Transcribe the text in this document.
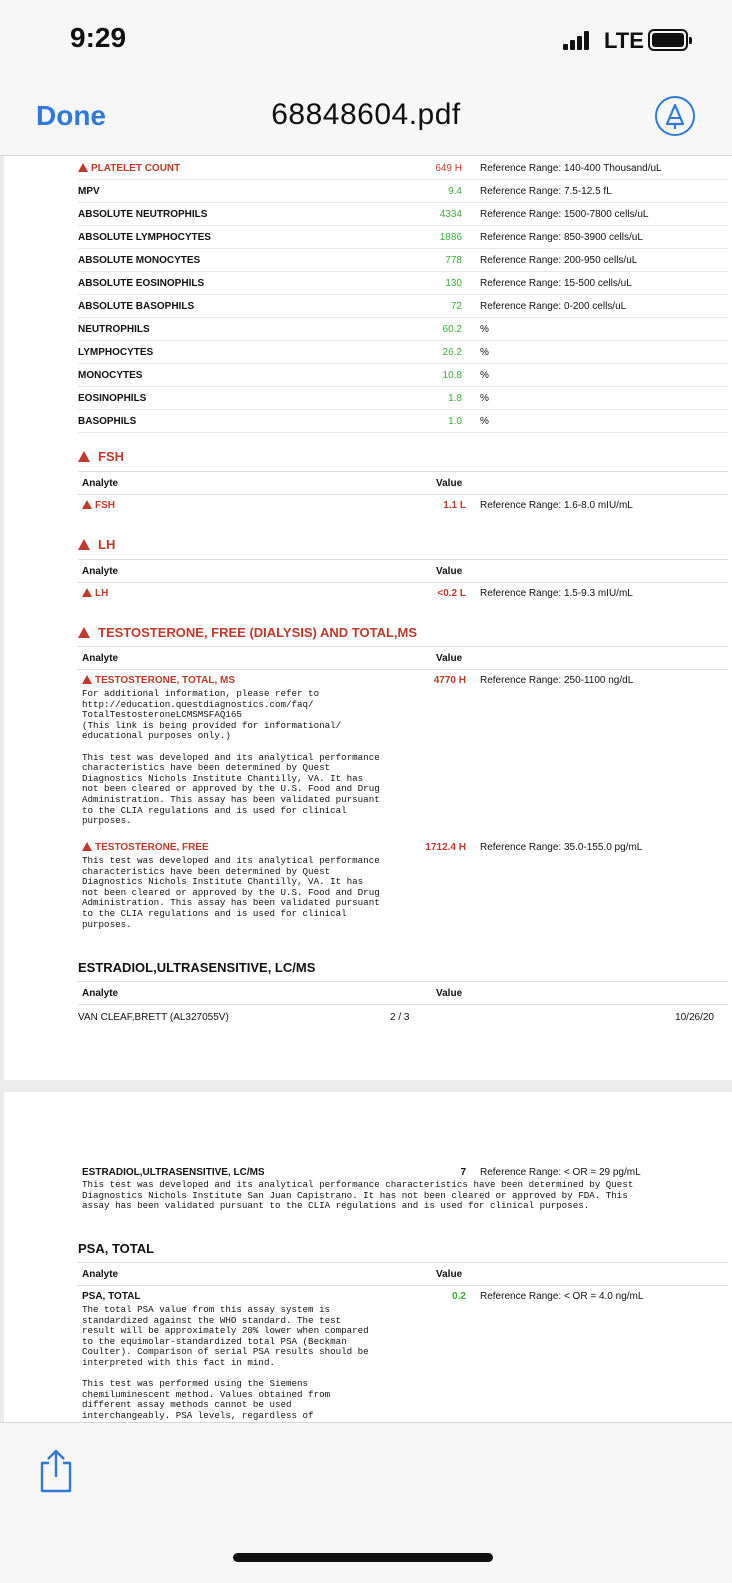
9:29	LTE
Done	68848604.pdf
PLATELET COUNT	649 H Reference Range: 140-400 Thousand/uL
MPV	9.4 Reference Range: 7.5-12.5 fL
ABSOLUTE NEUTROPHILS	4334 Reference Range: 1500-7800 cells/uL
ABSOLUTE LYMPHOCYTES	1886 Reference Range: 850-3900 cells/uL
ABSOLUTE MONOCYTES	778 Reference Range: 200-950 cells/uL
ABSOLUTE EOSINOPHILS	130 Reference Range: 15-500 cells/uL
ABSOLUTE BASOPHILS	72 Reference Range: 0-200 cells/uL
NEUTROPHILS	60.2 %
LYMPHOCYTES	26.2 %
MONOCYTES	10.8 %
EOSINOPHILS	1.8 %
BASOPHILS	1.0 %
FSH
Analyte	Value
FSH	1.1 L Reference Range: 1.6-8.0 mIU/mL
LH
Analyte	Value
LH	<0.2 L Reference Range: 1.5-9.3 mIU/mL
TESTOSTERONE, FREE (DIALYSIS) AND TOTAL,MS
Analyte	Value
TESTOSTERONE, TOTAL, MS	4770 H Reference Range: 250-1100 ng/dL
For additional information, please refer to
http://education.questdiagnostics.com/faq/
TotalTestosteroneLCMSMSFAQ165
(This link is being provided for informational/
educational purposes only.)

This test was developed and its analytical performance
characteristics have been determined by Quest
Diagnostics Nichols Institute Chantilly, VA. It has
not been cleared or approved by the U.S. Food and Drug
Administration. This assay has been validated pursuant
to the CLIA regulations and is used for clinical
purposes.
TESTOSTERONE, FREE	1712.4 H Reference Range: 35.0-155.0 pg/mL
This test was developed and its analytical performance
characteristics have been determined by Quest
Diagnostics Nichols Institute Chantilly, VA. It has
not been cleared or approved by the U.S. Food and Drug
Administration. This assay has been validated pursuant
to the CLIA regulations and is used for clinical
purposes.
ESTRADIOL,ULTRASENSITIVE, LC/MS
Analyte	Value
VAN CLEAF,BRETT (AL327055V)	2 / 3	10/26/20
ESTRADIOL,ULTRASENSITIVE, LC/MS	7 Reference Range: < OR = 29 pg/mL
This test was developed and its analytical performance characteristics have been determined by Quest
Diagnostics Nichols Institute San Juan Capistrano. It has not been cleared or approved by FDA. This
assay has been validated pursuant to the CLIA regulations and is used for clinical purposes.
PSA, TOTAL
Analyte	Value
PSA, TOTAL	0.2 Reference Range: < OR = 4.0 ng/mL
The total PSA value from this assay system is
standardized against the WHO standard. The test
result will be approximately 20% lower when compared
to the equimolar-standardized total PSA (Beckman
Coulter). Comparison of serial PSA results should be
interpreted with this fact in mind.

This test was performed using the Siemens
chemiluminescent method. Values obtained from
different assay methods cannot be used
interchangeably. PSA levels, regardless of
